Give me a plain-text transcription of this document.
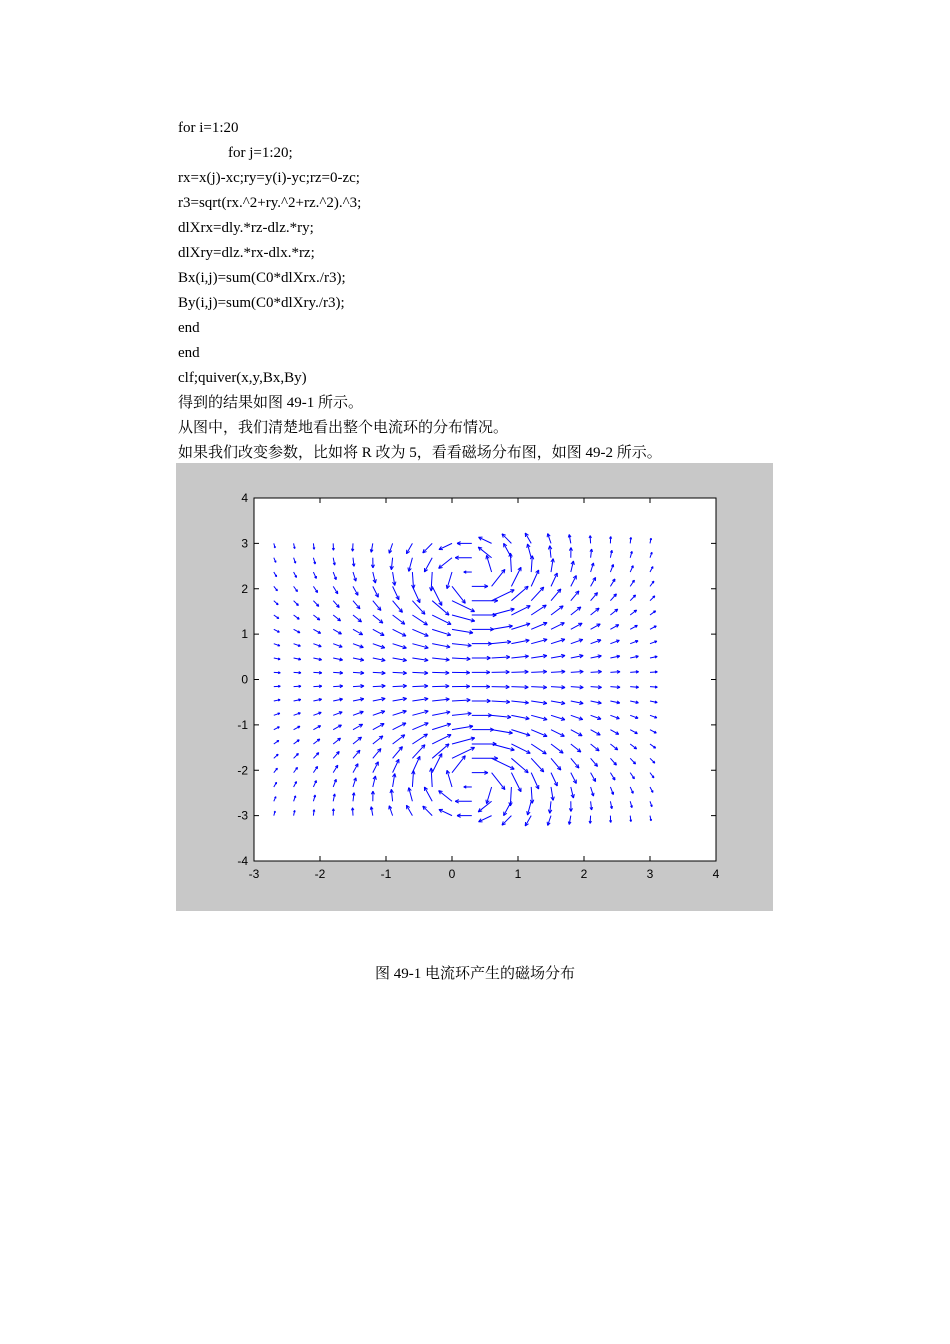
for i=1:20
for j=1:20;
rx=x(j)-xc;ry=y(i)-yc;rz=0-zc;
r3=sqrt(rx.^2+ry.^2+rz.^2).^3;
dlXrx=dly.*rz-dlz.*ry;
dlXry=dlz.*rx-dlx.*rz;
Bx(i,j)=sum(C0*dlXrx./r3);
By(i,j)=sum(C0*dlXry./r3);
end
end
clf;quiver(x,y,Bx,By)
得到的结果如图 49-1 所示。
从图中，我们清楚地看出整个电流环的分布情况。
如果我们改变参数，比如将 R 改为 5，看看磁场分布图，如图 49-2 所示。
-3	-2	-1	0	1	2	3	4
4
3
2
1
0
-1
-2
-3
-4
图 49-1 电流环产生的磁场分布
